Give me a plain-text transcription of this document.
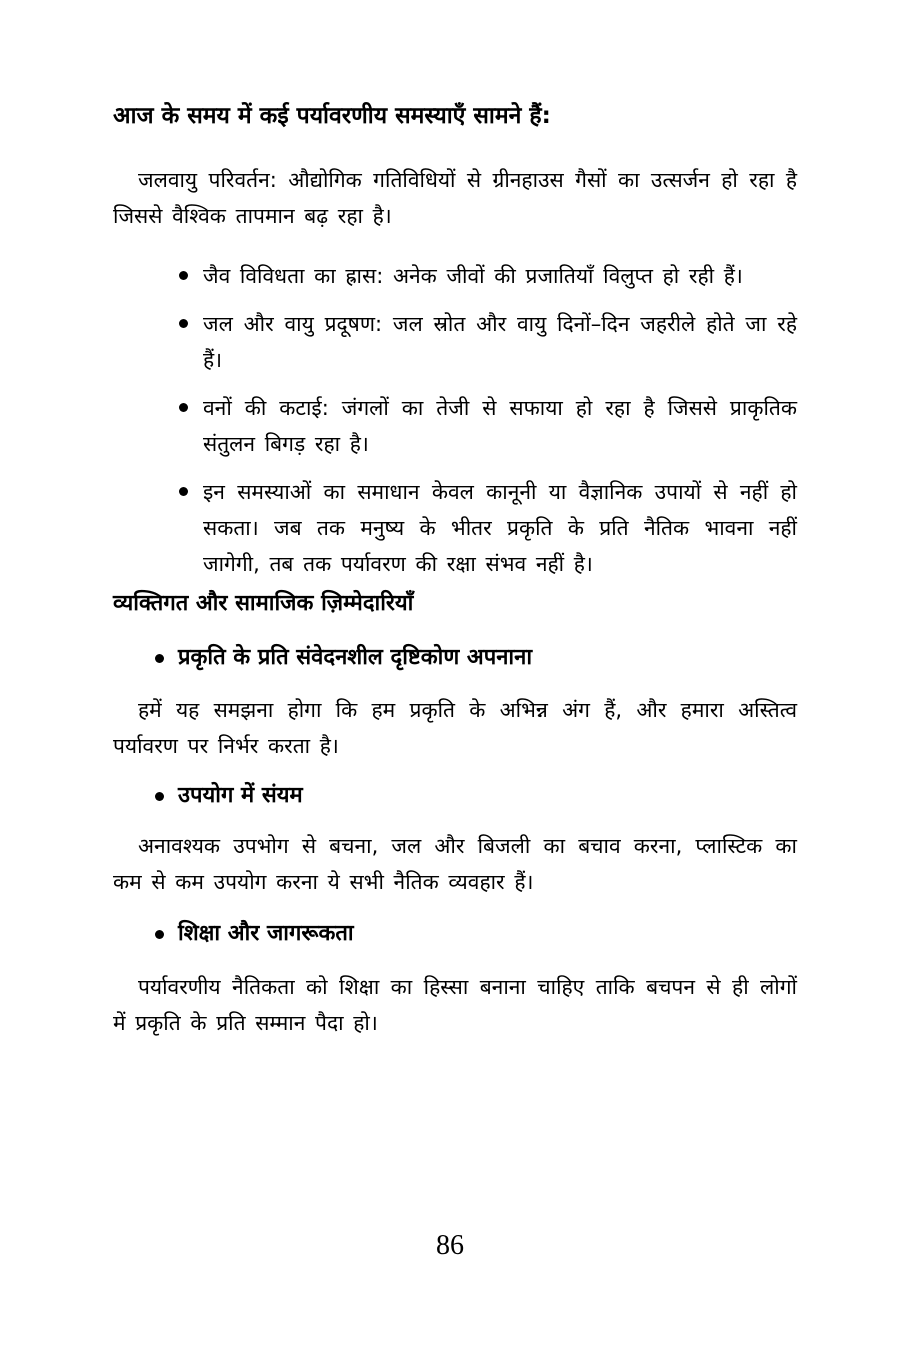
आज के समय में कई पर्यावरणीय समस्याएँ सामने हैं:
जलवायु परिवर्तन: औद्योगिक गतिविधियों से ग्रीनहाउस गैसों का उत्सर्जन हो रहा है जिससे वैश्विक तापमान बढ़ रहा है।
जैव विविधता का ह्रास: अनेक जीवों की प्रजातियाँ विलुप्त हो रही हैं।
जल और वायु प्रदूषण: जल स्रोत और वायु दिनों–दिन जहरीले होते जा रहे हैं।
वनों की कटाई: जंगलों का तेजी से सफाया हो रहा है जिससे प्राकृतिक संतुलन बिगड़ रहा है।
इन समस्याओं का समाधान केवल कानूनी या वैज्ञानिक उपायों से नहीं हो सकता। जब तक मनुष्य के भीतर प्रकृति के प्रति नैतिक भावना नहीं जागेगी, तब तक पर्यावरण की रक्षा संभव नहीं है।
व्यक्तिगत और सामाजिक ज़िम्मेदारियाँ
प्रकृति के प्रति संवेदनशील दृष्टिकोण अपनाना
हमें यह समझना होगा कि हम प्रकृति के अभिन्न अंग हैं, और हमारा अस्तित्व पर्यावरण पर निर्भर करता है।
उपयोग में संयम
अनावश्यक उपभोग से बचना, जल और बिजली का बचाव करना, प्लास्टिक का कम से कम उपयोग करना ये सभी नैतिक व्यवहार हैं।
शिक्षा और जागरूकता
पर्यावरणीय नैतिकता को शिक्षा का हिस्सा बनाना चाहिए ताकि बचपन से ही लोगों में प्रकृति के प्रति सम्मान पैदा हो।
86
